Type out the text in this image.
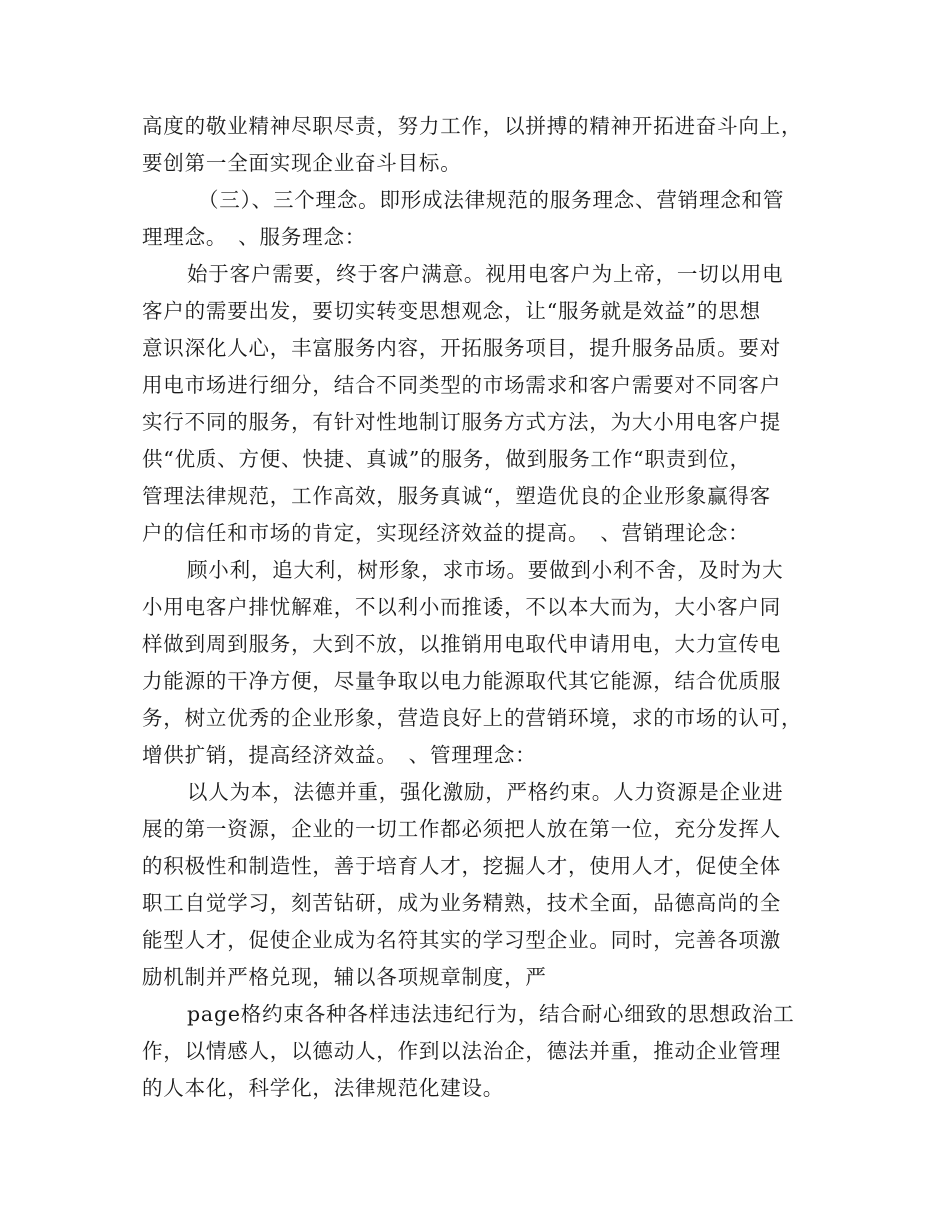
高度的敬业精神尽职尽责，努力工作，以拼搏的精神开拓进奋斗向上，
要创第一全面实现企业奋斗目标。
（三）、三个理念。即形成法律规范的服务理念、营销理念和管
理理念。　、服务理念：
始于客户需要，终于客户满意。视用电客户为上帝，一切以用电
客户的需要出发，要切实转变思想观念，让“服务就是效益”的思想
意识深化人心，丰富服务内容，开拓服务项目，提升服务品质。要对
用电市场进行细分，结合不同类型的市场需求和客户需要对不同客户
实行不同的服务，有针对性地制订服务方式方法，为大小用电客户提
供“优质、方便、快捷、真诚”的服务，做到服务工作“职责到位，
管理法律规范，工作高效，服务真诚“，塑造优良的企业形象赢得客
户的信任和市场的肯定，实现经济效益的提高。　、营销理论念：
顾小利，追大利，树形象，求市场。要做到小利不舍，及时为大
小用电客户排忧解难，不以利小而推诿，不以本大而为，大小客户同
样做到周到服务，大到不放，以推销用电取代申请用电，大力宣传电
力能源的干净方便，尽量争取以电力能源取代其它能源，结合优质服
务，树立优秀的企业形象，营造良好上的营销环境，求的市场的认可，
增供扩销，提高经济效益。　、管理理念：
以人为本，法德并重，强化激励，严格约束。人力资源是企业进
展的第一资源，企业的一切工作都必须把人放在第一位，充分发挥人
的积极性和制造性，善于培育人才，挖掘人才，使用人才，促使全体
职工自觉学习，刻苦钻研，成为业务精熟，技术全面，品德高尚的全
能型人才，促使企业成为名符其实的学习型企业。同时，完善各项激
励机制并严格兑现，辅以各项规章制度，严
page格约束各种各样违法违纪行为，结合耐心细致的思想政治工
作，以情感人，以德动人，作到以法治企，德法并重，推动企业管理
的人本化，科学化，法律规范化建设。
